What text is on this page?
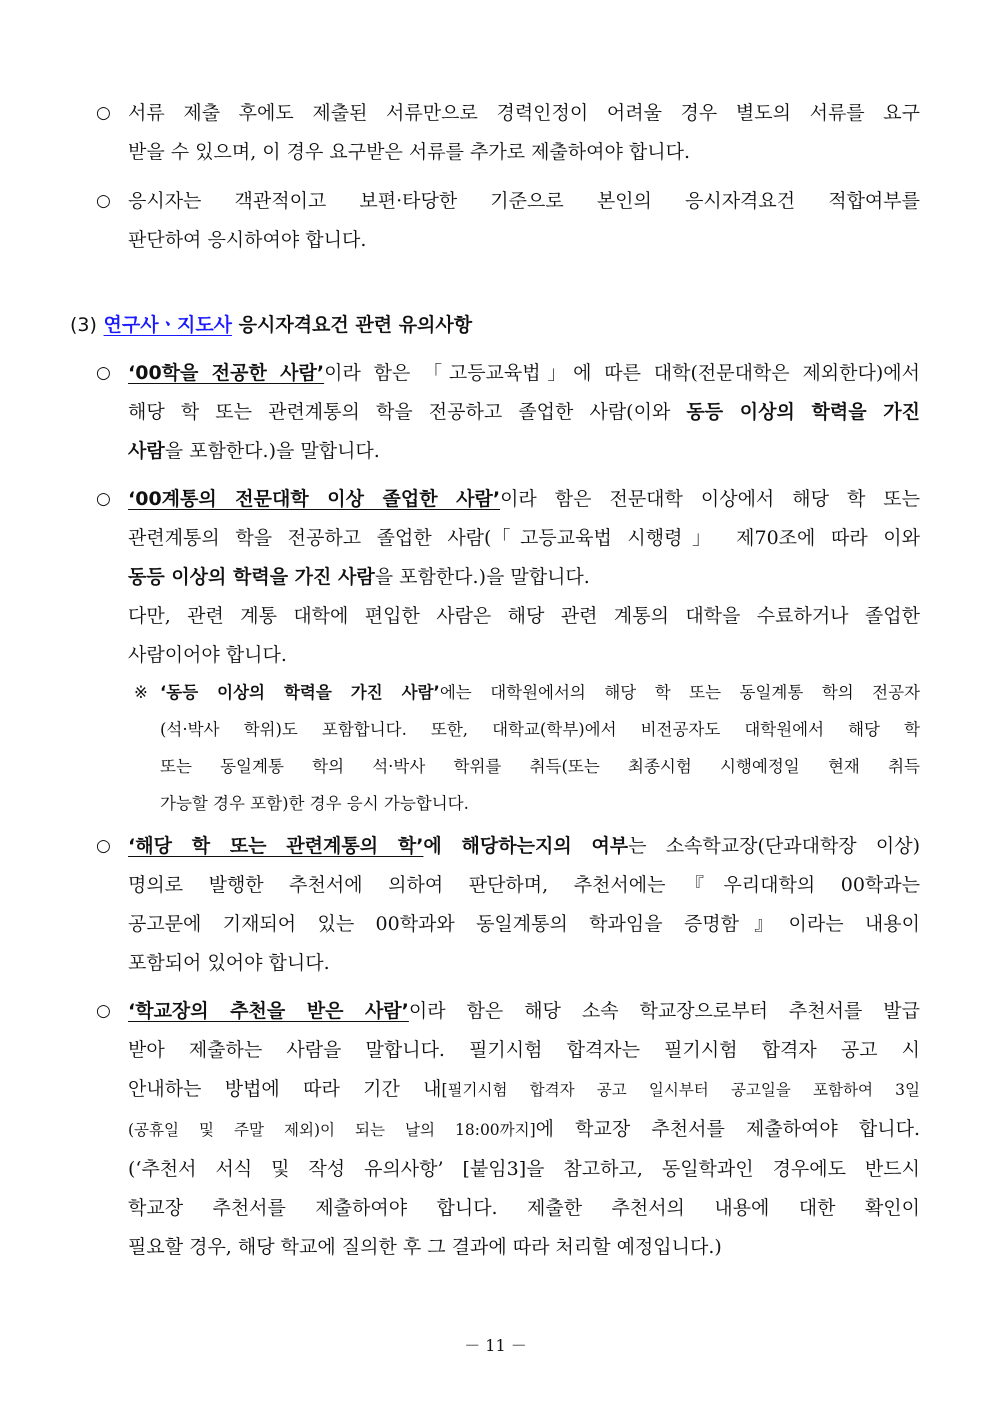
○ 서류 제출 후에도 제출된 서류만으로 경력인정이 어려울 경우 별도의 서류를 요구
받을 수 있으며, 이 경우 요구받은 서류를 추가로 제출하여야 합니다.
○ 응시자는 객관적이고 보편·타당한 기준으로 본인의 응시자격요건 적합여부를
판단하여 응시하여야 합니다.
(3) 연구사ㆍ지도사 응시자격요건 관련 유의사항
○ ‘00학을 전공한 사람’이라 함은 「고등교육법」에 따른 대학(전문대학은 제외한다)에서
해당 학 또는 관련계통의 학을 전공하고 졸업한 사람(이와 동등 이상의 학력을 가진
사람을 포함한다.)을 말합니다.
○ ‘00계통의 전문대학 이상 졸업한 사람’이라 함은 전문대학 이상에서 해당 학 또는
관련계통의 학을 전공하고 졸업한 사람(「고등교육법 시행령」 제70조에 따라 이와
동등 이상의 학력을 가진 사람을 포함한다.)을 말합니다.
다만, 관련 계통 대학에 편입한 사람은 해당 관련 계통의 대학을 수료하거나 졸업한
사람이어야 합니다.
※ ‘동등 이상의 학력을 가진 사람’에는 대학원에서의 해당 학 또는 동일계통 학의 전공자
(석·박사 학위)도 포함합니다. 또한, 대학교(학부)에서 비전공자도 대학원에서 해당 학
또는 동일계통 학의 석·박사 학위를 취득(또는 최종시험 시행예정일 현재 취득
가능할 경우 포함)한 경우 응시 가능합니다.
○ ‘해당 학 또는 관련계통의 학’에 해당하는지의 여부는 소속학교장(단과대학장 이상)
명의로 발행한 추천서에 의하여 판단하며, 추천서에는『우리대학의 00학과는
공고문에 기재되어 있는 00학과와 동일계통의 학과임을 증명함』이라는 내용이
포함되어 있어야 합니다.
○ ‘학교장의 추천을 받은 사람’이라 함은 해당 소속 학교장으로부터 추천서를 발급
받아 제출하는 사람을 말합니다. 필기시험 합격자는 필기시험 합격자 공고 시
안내하는 방법에 따라 기간 내[필기시험 합격자 공고 일시부터 공고일을 포함하여 3일
(공휴일 및 주말 제외)이 되는 날의 18:00까지]에 학교장 추천서를 제출하여야 합니다.
(‘추천서 서식 및 작성 유의사항’ [붙임3]을 참고하고, 동일학과인 경우에도 반드시
학교장 추천서를 제출하여야 합니다. 제출한 추천서의 내용에 대한 확인이
필요할 경우, 해당 학교에 질의한 후 그 결과에 따라 처리할 예정입니다.)
－ 11 －
